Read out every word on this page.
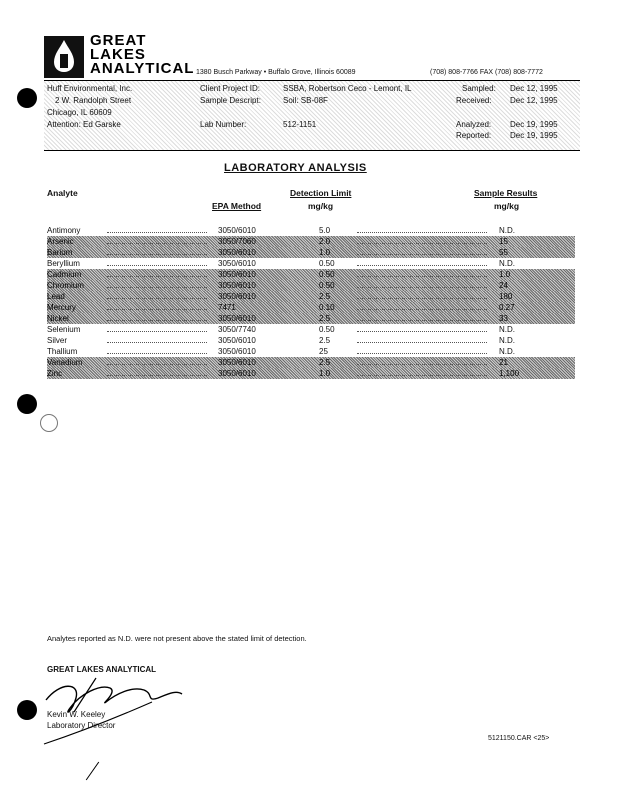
GREAT
LAKES
ANALYTICAL 1380 Busch Parkway • Buffalo Grove, Illinois 60089	(708) 808-7766 FAX (708) 808-7772
Huff Environmental, Inc.
2 W. Randolph Street
Chicago, IL 60609
Attention: Ed Garske
Client Project ID:	SSBA, Robertson Ceco - Lemont, IL
Sample Descript:	Soil: SB-08F
Lab Number:	512-1151
Sampled: Dec 12, 1995
Received: Dec 12, 1995
Analyzed: Dec 19, 1995
Reported: Dec 19, 1995
LABORATORY ANALYSIS
Analyte
EPA Method
Detection Limit
mg/kg
Sample Results
mg/kg
Antimony	3050/6010	5.0	N.D.
Arsenic	3050/7060	2.0	15
Barium	3050/6010	1.0	55
Beryllium	3050/6010	0.50	N.D.
Cadmium	3050/6010	0.50	1.0
Chromium	3050/6010	0.50	24
Lead	3050/6010	2.5	180
Mercury	7471	0.10	0.27
Nickel	3050/6010	2.5	33
Selenium	3050/7740	0.50	N.D.
Silver	3050/6010	2.5	N.D.
Thallium	3050/6010	25	N.D.
Vanadium	3050/6010	2.5	21
Zinc	3050/6010	1.0	1,100
Analytes reported as N.D. were not present above the stated limit of detection.
GREAT LAKES ANALYTICAL
Kevin W. Keeley
Laboratory Director
5121150.CAR <25>
